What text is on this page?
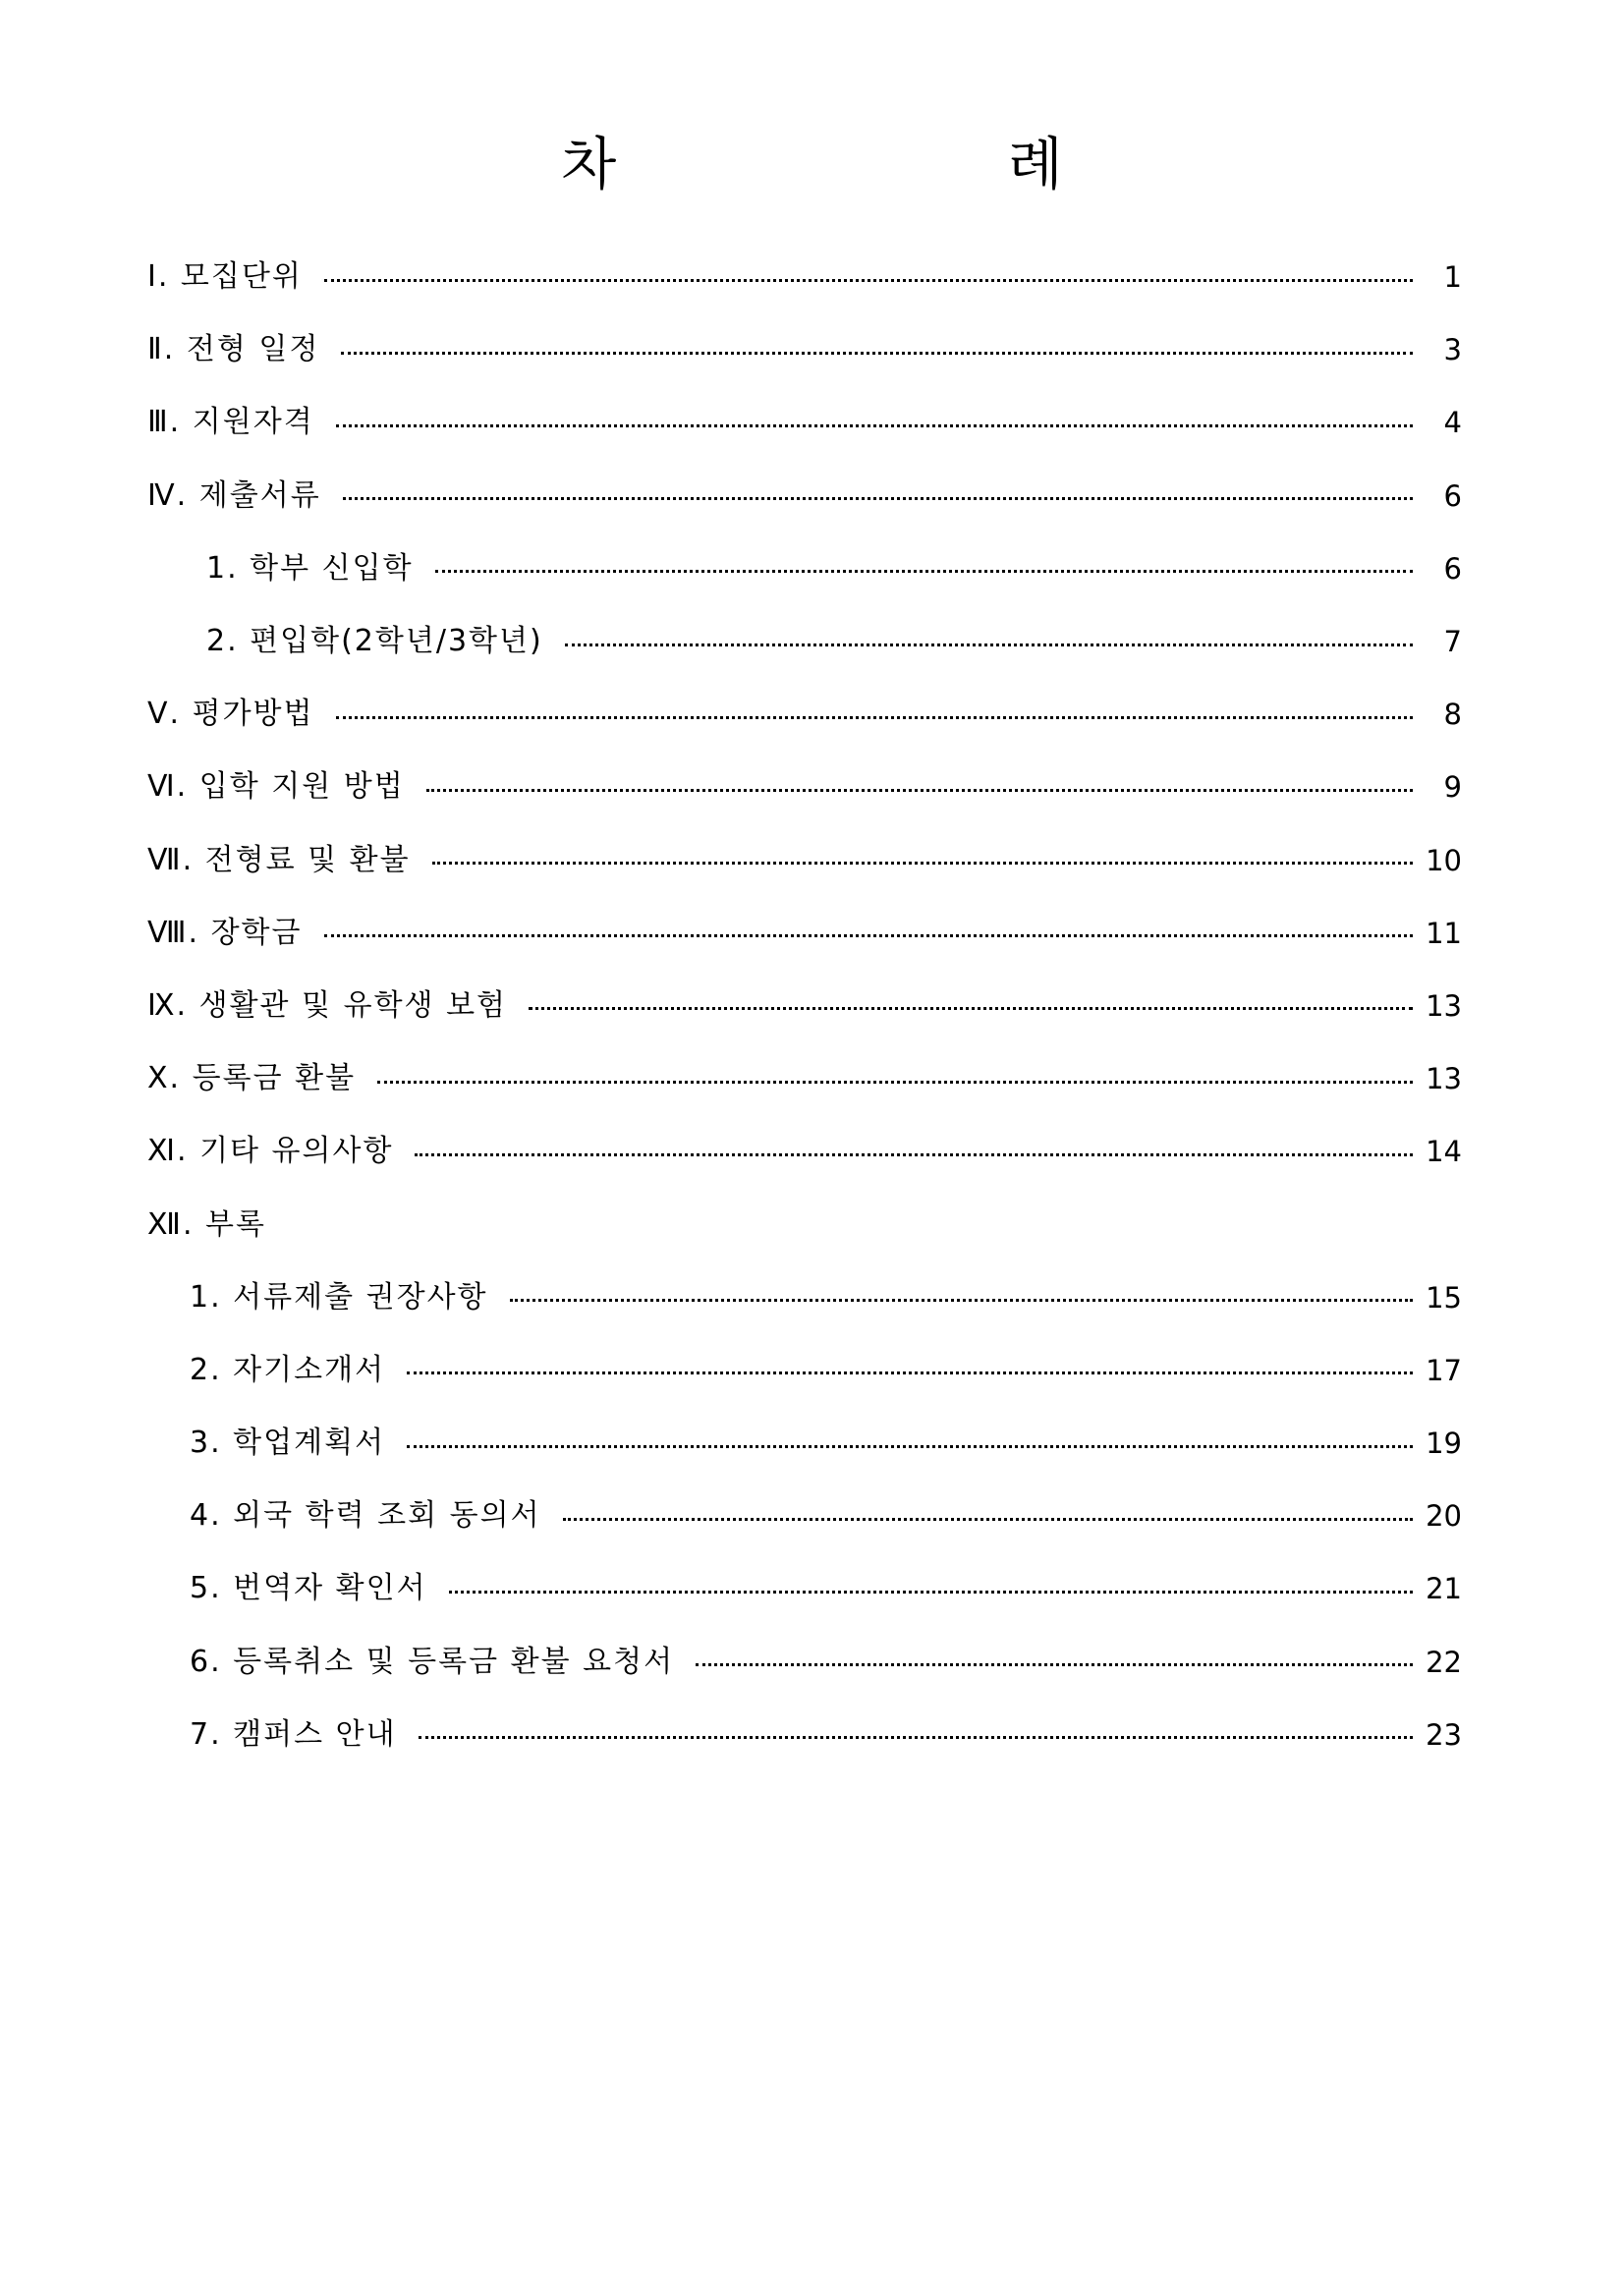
차 례
Ⅰ. 모집단위	1
Ⅱ. 전형 일정	3
Ⅲ. 지원자격	4
Ⅳ. 제출서류	6
1. 학부 신입학	6
2. 편입학(2학년/3학년)	7
Ⅴ. 평가방법	8
Ⅵ. 입학 지원 방법	9
Ⅶ. 전형료 및 환불	10
Ⅷ. 장학금	11
Ⅸ. 생활관 및 유학생 보험	13
Ⅹ. 등록금 환불	13
Ⅺ. 기타 유의사항	14
Ⅻ. 부록
1. 서류제출 권장사항	15
2. 자기소개서	17
3. 학업계획서	19
4. 외국 학력 조회 동의서	20
5. 번역자 확인서	21
6. 등록취소 및 등록금 환불 요청서	22
7. 캠퍼스 안내	23
